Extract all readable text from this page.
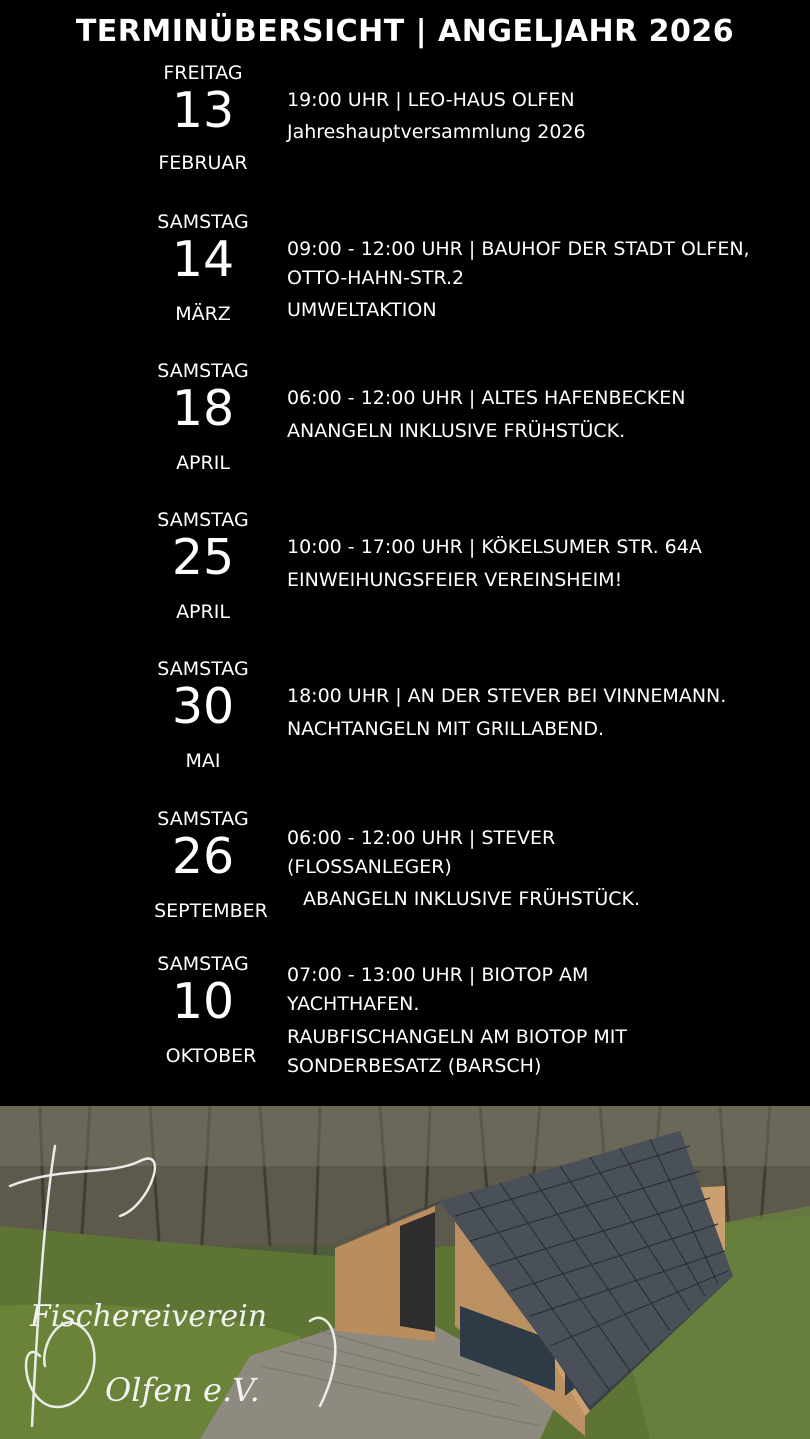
TERMINÜBERSICHT | ANGELJAHR 2026
FREITAG
13
FEBRUAR
19:00 UHR | LEO-HAUS OLFEN
Jahreshauptversammlung 2026
SAMSTAG
14
MÄRZ
09:00 - 12:00 UHR | BAUHOF DER STADT OLFEN,
OTTO-HAHN-STR.2
UMWELTAKTION
SAMSTAG
18
APRIL
06:00 - 12:00 UHR | ALTES HAFENBECKEN
ANANGELN INKLUSIVE FRÜHSTÜCK.
SAMSTAG
25
APRIL
10:00 - 17:00 UHR | KÖKELSUMER STR. 64A
EINWEIHUNGSFEIER VEREINSHEIM!
SAMSTAG
30
MAI
18:00 UHR | AN DER STEVER BEI VINNEMANN.
NACHTANGELN MIT GRILLABEND.
SAMSTAG
26
SEPTEMBER
06:00 - 12:00 UHR | STEVER
(FLOSSANLEGER)
ABANGELN INKLUSIVE FRÜHSTÜCK.
SAMSTAG
10
OKTOBER
07:00 - 13:00 UHR | BIOTOP AM
YACHTHAFEN.
RAUBFISCHANGELN AM BIOTOP MIT
SONDERBESATZ (BARSCH)
Fischereiverein
Olfen e.V.
